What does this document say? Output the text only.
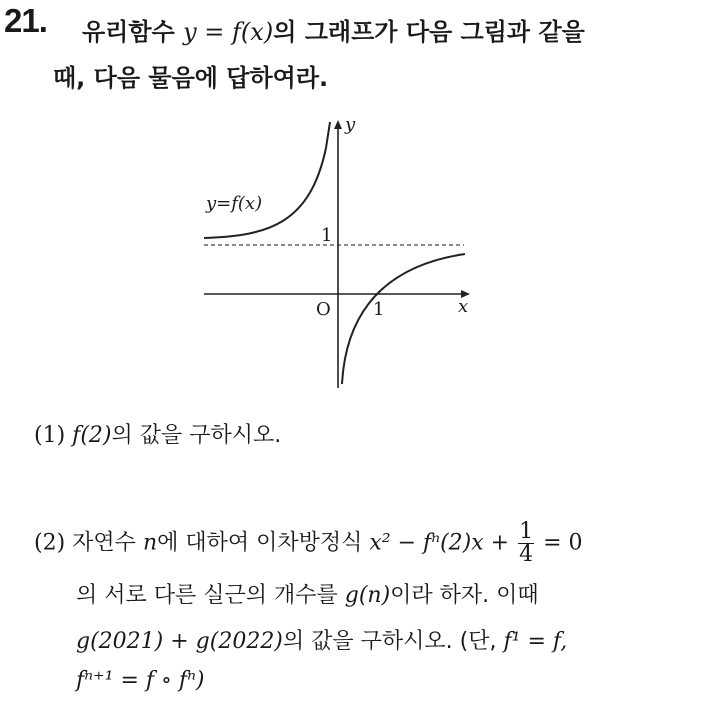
21. 유리함수 y = f(x)의 그래프가 다음 그림과 같을
때, 다음 물음에 답하여라.
y=f(x)
y
x
O 1
1
(1) f(2)의 값을 구하시오.
(2) 자연수 n에 대하여 이차방정식 $x^2 - f^n(2)x + \frac{1}{4} = 0$
의 서로 다른 실근의 개수를 g(n)이라 하자. 이때
g(2021) + g(2022)의 값을 구하시오. (단, f¹ = f,
fⁿ⁺¹ = f ∘ fⁿ)
